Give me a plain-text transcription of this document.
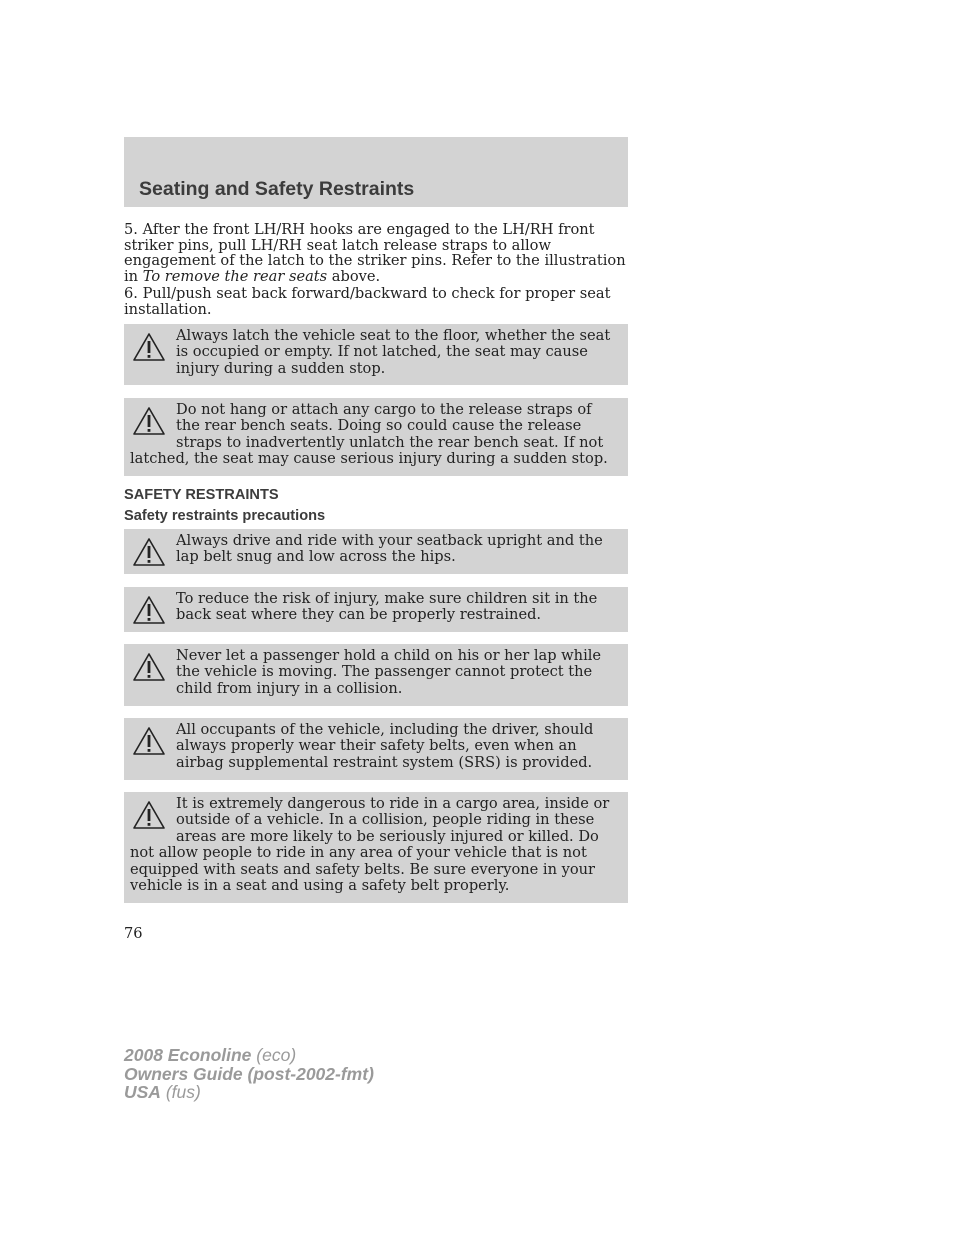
Seating and Safety Restraints

5. After the front LH/RH hooks are engaged to the LH/RH front striker pins, pull LH/RH seat latch release straps to allow engagement of the latch to the striker pins. Refer to the illustration in To remove the rear seats above.

6. Pull/push seat back forward/backward to check for proper seat installation.

Always latch the vehicle seat to the floor, whether the seat is occupied or empty. If not latched, the seat may cause injury during a sudden stop.
Do not hang or attach any cargo to the release straps of the rear bench seats. Doing so could cause the release straps to inadvertently unlatch the rear bench seat. If not latched, the seat may cause serious injury during a sudden stop.
SAFETY RESTRAINTS
Safety restraints precautions
Always drive and ride with your seatback upright and the lap belt snug and low across the hips.
To reduce the risk of injury, make sure children sit in the back seat where they can be properly restrained.
Never let a passenger hold a child on his or her lap while the vehicle is moving. The passenger cannot protect the child from injury in a collision.
All occupants of the vehicle, including the driver, should always properly wear their safety belts, even when an airbag supplemental restraint system (SRS) is provided.
It is extremely dangerous to ride in a cargo area, inside or outside of a vehicle. In a collision, people riding in these areas are more likely to be seriously injured or killed. Do not allow people to ride in any area of your vehicle that is not equipped with seats and safety belts. Be sure everyone in your vehicle is in a seat and using a safety belt properly.

76

2008 Econoline (eco)
Owners Guide (post-2002-fmt)
USA (fus)
